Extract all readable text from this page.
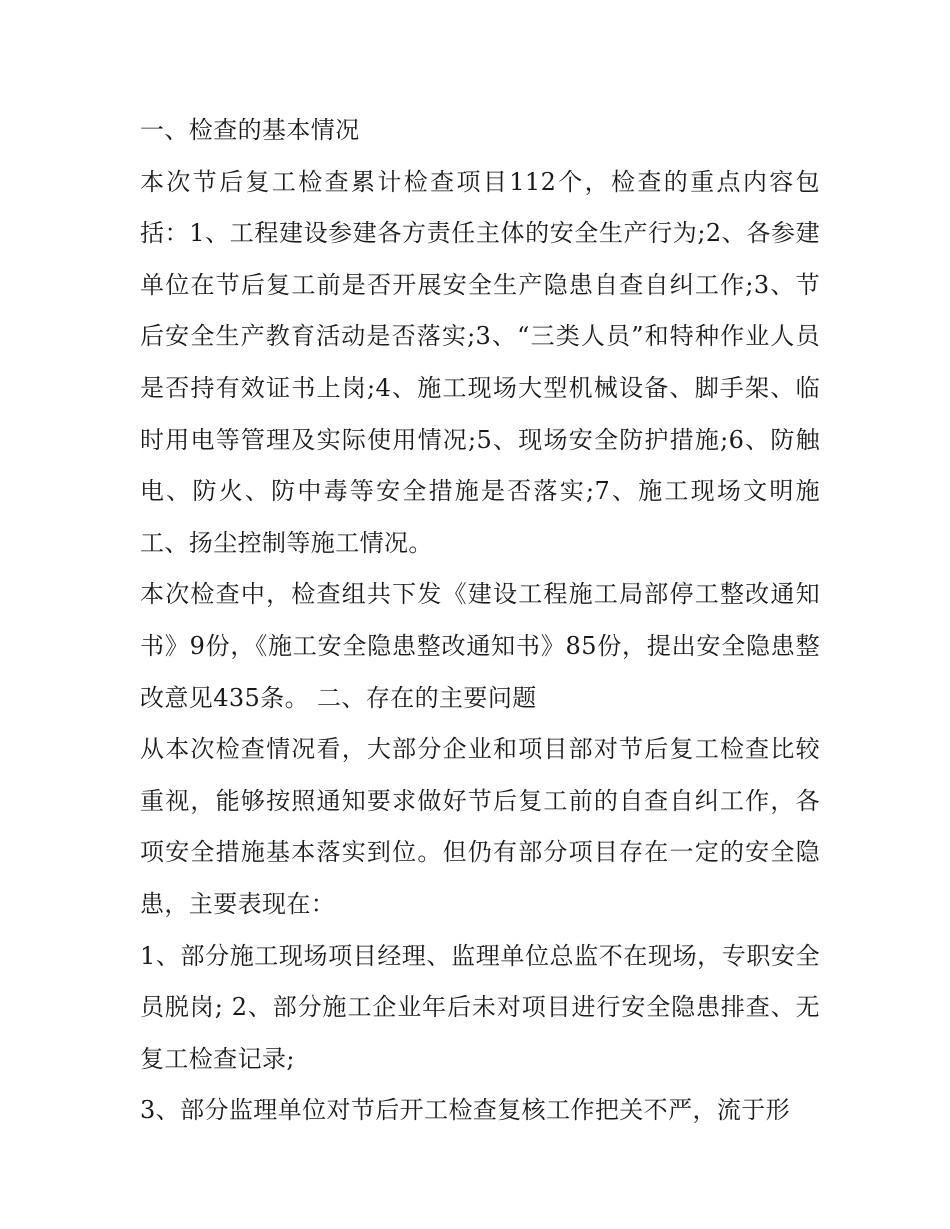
一、检查的基本情况

本次节后复工检查累计检查项目112个，检查的重点内容包括：1、工程建设参建各方责任主体的安全生产行为;2、各参建单位在节后复工前是否开展安全生产隐患自查自纠工作;3、节后安全生产教育活动是否落实;3、“三类人员”和特种作业人员是否持有效证书上岗;4、施工现场大型机械设备、脚手架、临时用电等管理及实际使用情况;5、现场安全防护措施;6、防触电、防火、防中毒等安全措施是否落实;7、施工现场文明施工、扬尘控制等施工情况。

本次检查中，检查组共下发《建设工程施工局部停工整改通知书》9份，《施工安全隐患整改通知书》85份，提出安全隐患整改意见435条。 二、存在的主要问题

从本次检查情况看，大部分企业和项目部对节后复工检查比较重视，能够按照通知要求做好节后复工前的自查自纠工作，各项安全措施基本落实到位。但仍有部分项目存在一定的安全隐患，主要表现在：

1、部分施工现场项目经理、监理单位总监不在现场，专职安全员脱岗; 2、部分施工企业年后未对项目进行安全隐患排查、无复工检查记录;

3、部分监理单位对节后开工检查复核工作把关不严，流于形
